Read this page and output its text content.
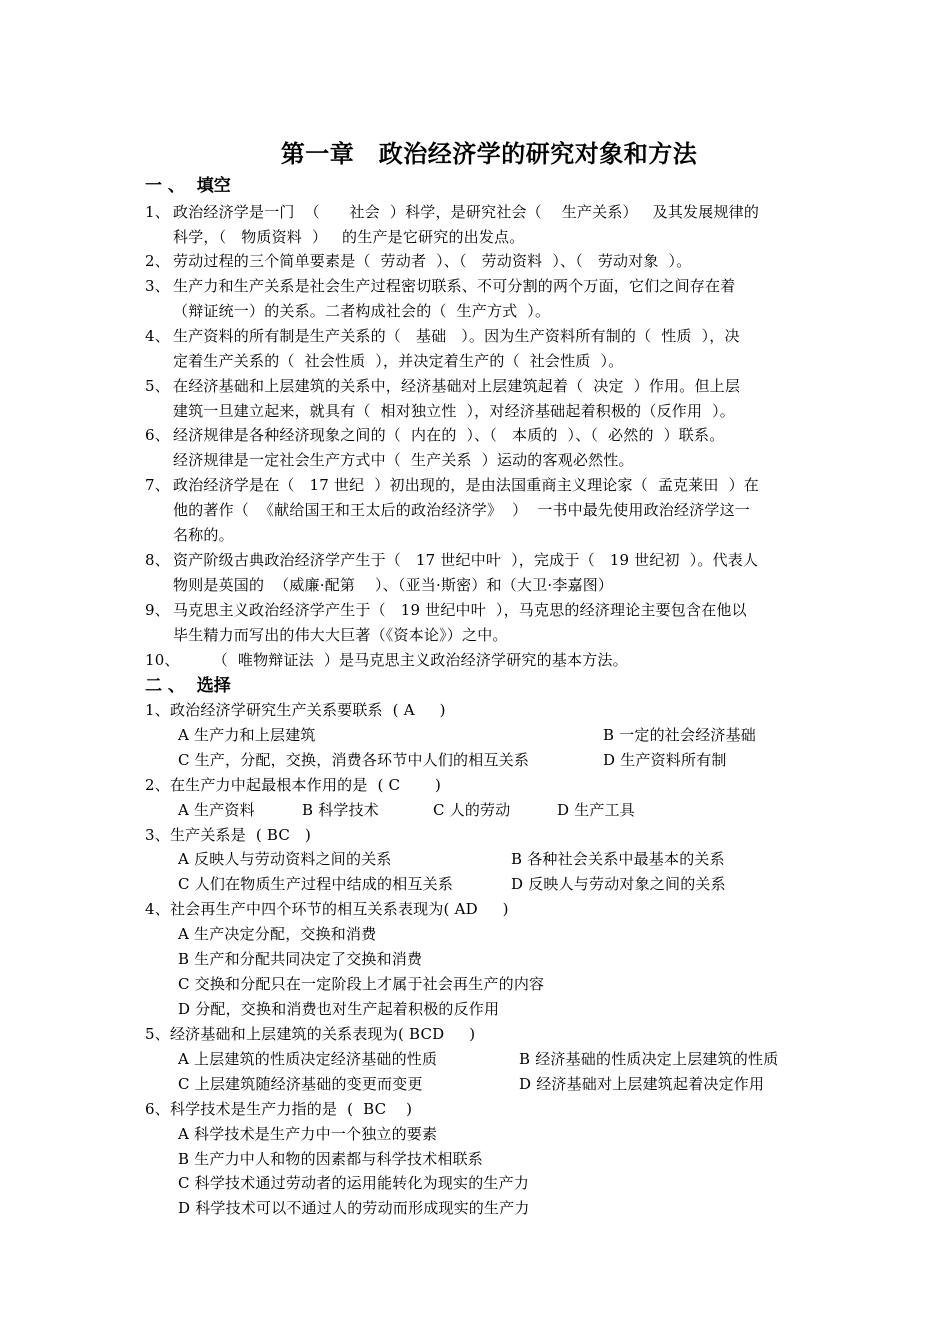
第一章　政治经济学的研究对象和方法
一 、  填空
1、 政治经济学是一门  （      社会  ）科学，是研究社会（    生产关系）   及其发展规律的
科学，（   物质资料  ）   的生产是它研究的出发点。
2、 劳动过程的三个简单要素是（  劳动者  ）、（   劳动资料  ）、（   劳动对象  ）。
3、 生产力和生产关系是社会生产过程密切联系、不可分割的两个万面，它们之间存在着
（辩证统一）的关系。二者构成社会的（  生产方式  ）。
4、 生产资料的所有制是生产关系的（   基础   ）。因为生产资料所有制的（  性质  ），决
定着生产关系的（  社会性质  ），并决定着生产的（  社会性质  ）。
5、 在经济基础和上层建筑的关系中，经济基础对上层建筑起着（  决定  ）作用。但上层
建筑一旦建立起来，就具有（  相对独立性  ），对经济基础起着积极的（反作用  ）。
6、 经济规律是各种经济现象之间的（  内在的  ）、（   本质的  ）、（  必然的  ）联系。
经济规律是一定社会生产方式中（  生产关系  ）运动的客观必然性。
7、 政治经济学是在（   17 世纪  ）初出现的，是由法国重商主义理论家（  孟克莱田  ）在
他的著作（  《献给国王和王太后的政治经济学》  ）  一书中最先使用政治经济学这一
名称的。
8、 资产阶级古典政治经济学产生于（   17 世纪中叶  ），完成于（   19 世纪初  ）。代表人
物则是英国的  （威廉·配第    ）、（亚当·斯密）和（大卫·李嘉图）
9、 马克思主义政治经济学产生于（   19 世纪中叶  ），马克思的经济理论主要包含在他以
毕生精力而写出的伟大大巨著（《资本论》）之中。
10、
（  唯物辩证法  ）是马克思主义政治经济学研究的基本方法。
二 、  选择
1、政治经济学研究生产关系要联系  ( A     )
A 生产力和上层建筑	B 一定的社会经济基础
C 生产，分配，交换，消费各环节中人们的相互关系	D 生产资料所有制
2、在生产力中起最根本作用的是  ( C       )
A 生产资料	B 科学技术	C 人的劳动	D 生产工具
3、生产关系是  ( BC   )
A 反映人与劳动资料之间的关系	B 各种社会关系中最基本的关系
C 人们在物质生产过程中结成的相互关系	D 反映人与劳动对象之间的关系
4、社会再生产中四个环节的相互关系表现为( AD     )
A 生产决定分配，交换和消费
B 生产和分配共同决定了交换和消费
C 交换和分配只在一定阶段上才属于社会再生产的内容
D 分配，交换和消费也对生产起着积极的反作用
5、经济基础和上层建筑的关系表现为( BCD     )
A 上层建筑的性质决定经济基础的性质	B 经济基础的性质决定上层建筑的性质
C 上层建筑随经济基础的变更而变更	D 经济基础对上层建筑起着决定作用
6、科学技术是生产力指的是  (  BC    )
A 科学技术是生产力中一个独立的要素
B 生产力中人和物的因素都与科学技术相联系
C 科学技术通过劳动者的运用能转化为现实的生产力
D 科学技术可以不通过人的劳动而形成现实的生产力
